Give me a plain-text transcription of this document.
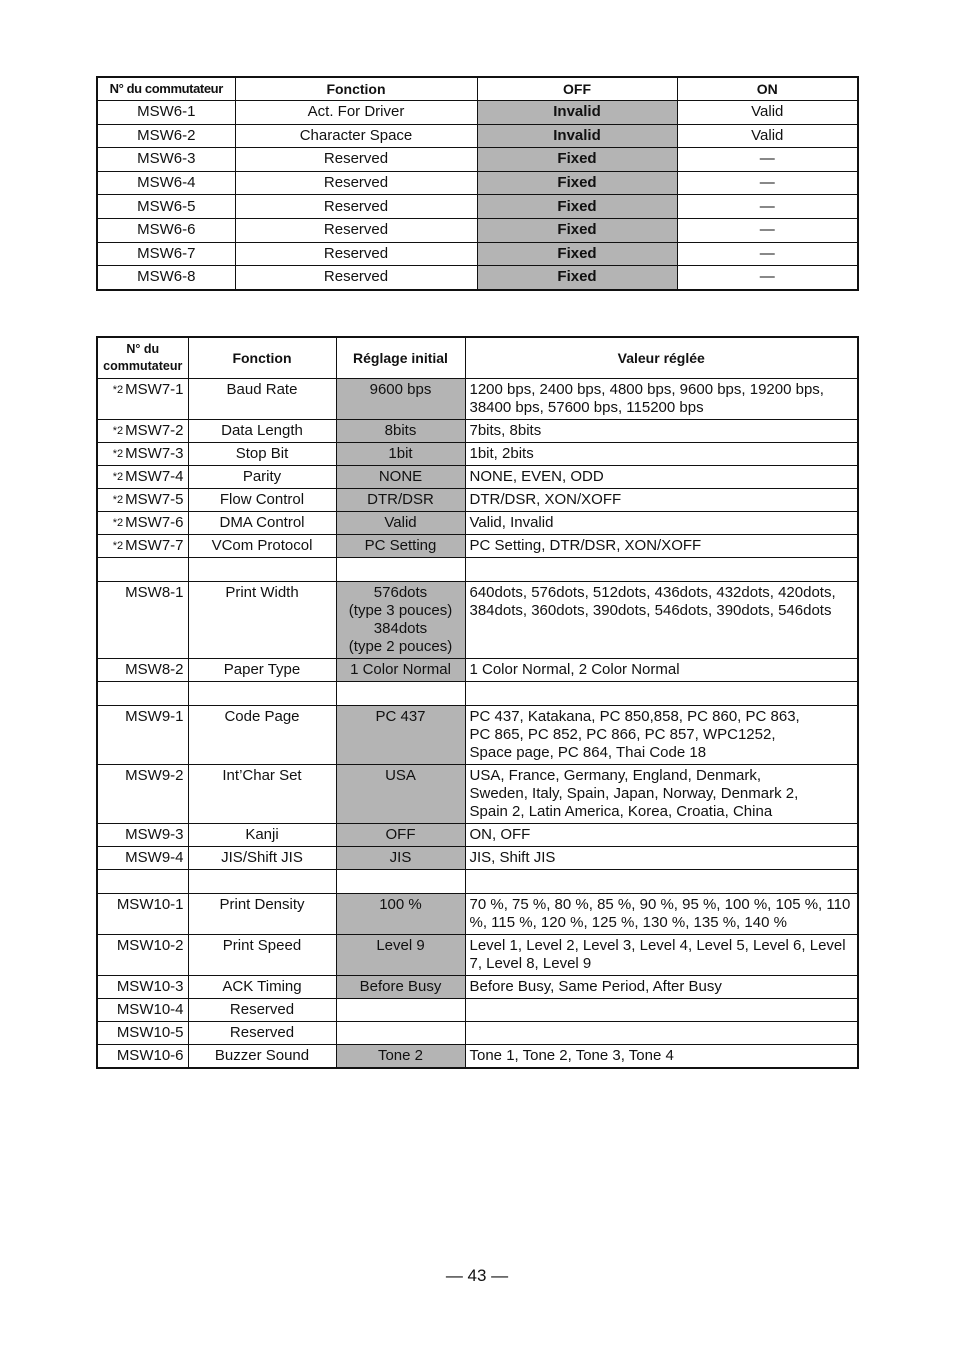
N° du commutateur	Fonction	OFF	ON
MSW6-1	Act. For Driver	Invalid	Valid
MSW6-2	Character Space	Invalid	Valid
MSW6-3	Reserved	Fixed	—
MSW6-4	Reserved	Fixed	—
MSW6-5	Reserved	Fixed	—
MSW6-6	Reserved	Fixed	—
MSW6-7	Reserved	Fixed	—
MSW6-8	Reserved	Fixed	—
N° du
commutateur	Fonction	Réglage initial	Valeur réglée
*2 MSW7-1	Baud Rate	9600 bps	1200 bps, 2400 bps, 4800 bps, 9600 bps, 19200 bps, 38400 bps, 57600 bps, 115200 bps
*2 MSW7-2	Data Length	8bits	7bits, 8bits
*2 MSW7-3	Stop Bit	1bit	1bit, 2bits
*2 MSW7-4	Parity	NONE	NONE, EVEN, ODD
*2 MSW7-5	Flow Control	DTR/DSR	DTR/DSR, XON/XOFF
*2 MSW7-6	DMA Control	Valid	Valid, Invalid
*2 MSW7-7	VCom Protocol	PC Setting	PC Setting, DTR/DSR, XON/XOFF

MSW8-1	Print Width	576dots
(type 3 pouces)
384dots
(type 2 pouces)	640dots, 576dots, 512dots, 436dots, 432dots, 420dots, 384dots, 360dots, 390dots, 546dots, 390dots, 546dots
MSW8-2	Paper Type	1 Color Normal	1 Color Normal, 2 Color Normal

MSW9-1	Code Page	PC 437	PC 437, Katakana, PC 850,858, PC 860, PC 863,
PC 865, PC 852, PC 866, PC 857, WPC1252,
Space page, PC 864, Thai Code 18
MSW9-2	Int’Char Set	USA	USA, France, Germany, England, Denmark,
Sweden, Italy, Spain, Japan, Norway, Denmark 2,
Spain 2, Latin America, Korea, Croatia, China
MSW9-3	Kanji	OFF	ON, OFF
MSW9-4	JIS/Shift JIS	JIS	JIS, Shift JIS

MSW10-1	Print Density	100 %	70 %, 75 %, 80 %, 85 %, 90 %, 95 %, 100 %, 105 %, 110 %, 115 %, 120 %, 125 %, 130 %, 135 %, 140 %
MSW10-2	Print Speed	Level 9	Level 1, Level 2, Level 3, Level 4, Level 5, Level 6, Level 7, Level 8, Level 9
MSW10-3	ACK Timing	Before Busy	Before Busy, Same Period, After Busy
MSW10-4	Reserved		
MSW10-5	Reserved		
MSW10-6	Buzzer Sound	Tone 2	Tone 1, Tone 2, Tone 3, Tone 4
— 43 —
